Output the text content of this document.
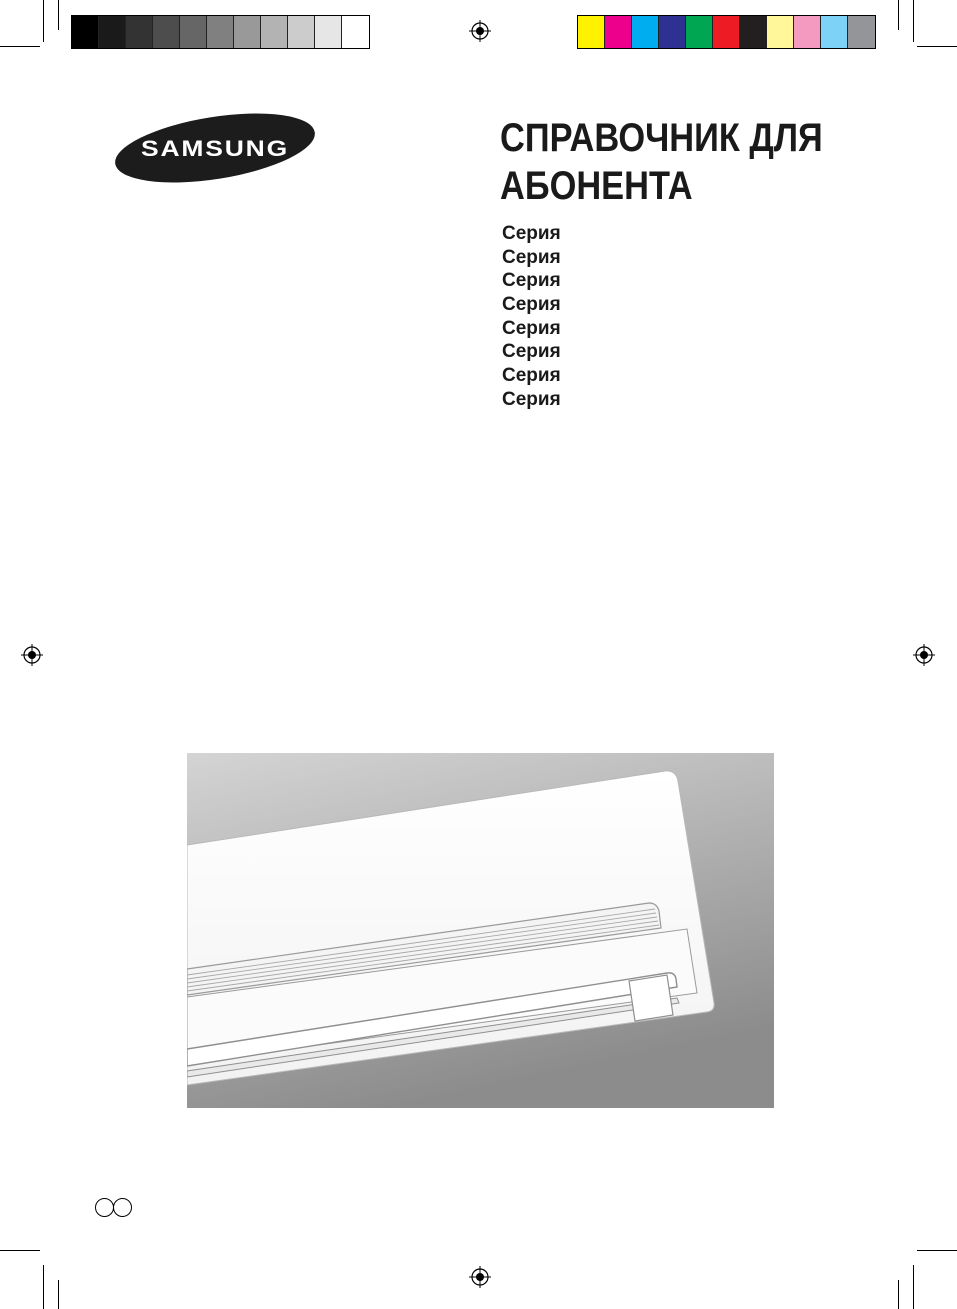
SAMSUNG	СПРАВОЧНИК ДЛЯ
АБОНЕНТА
Серия
Серия
Серия
Серия
Серия
Серия
Серия
Серия
